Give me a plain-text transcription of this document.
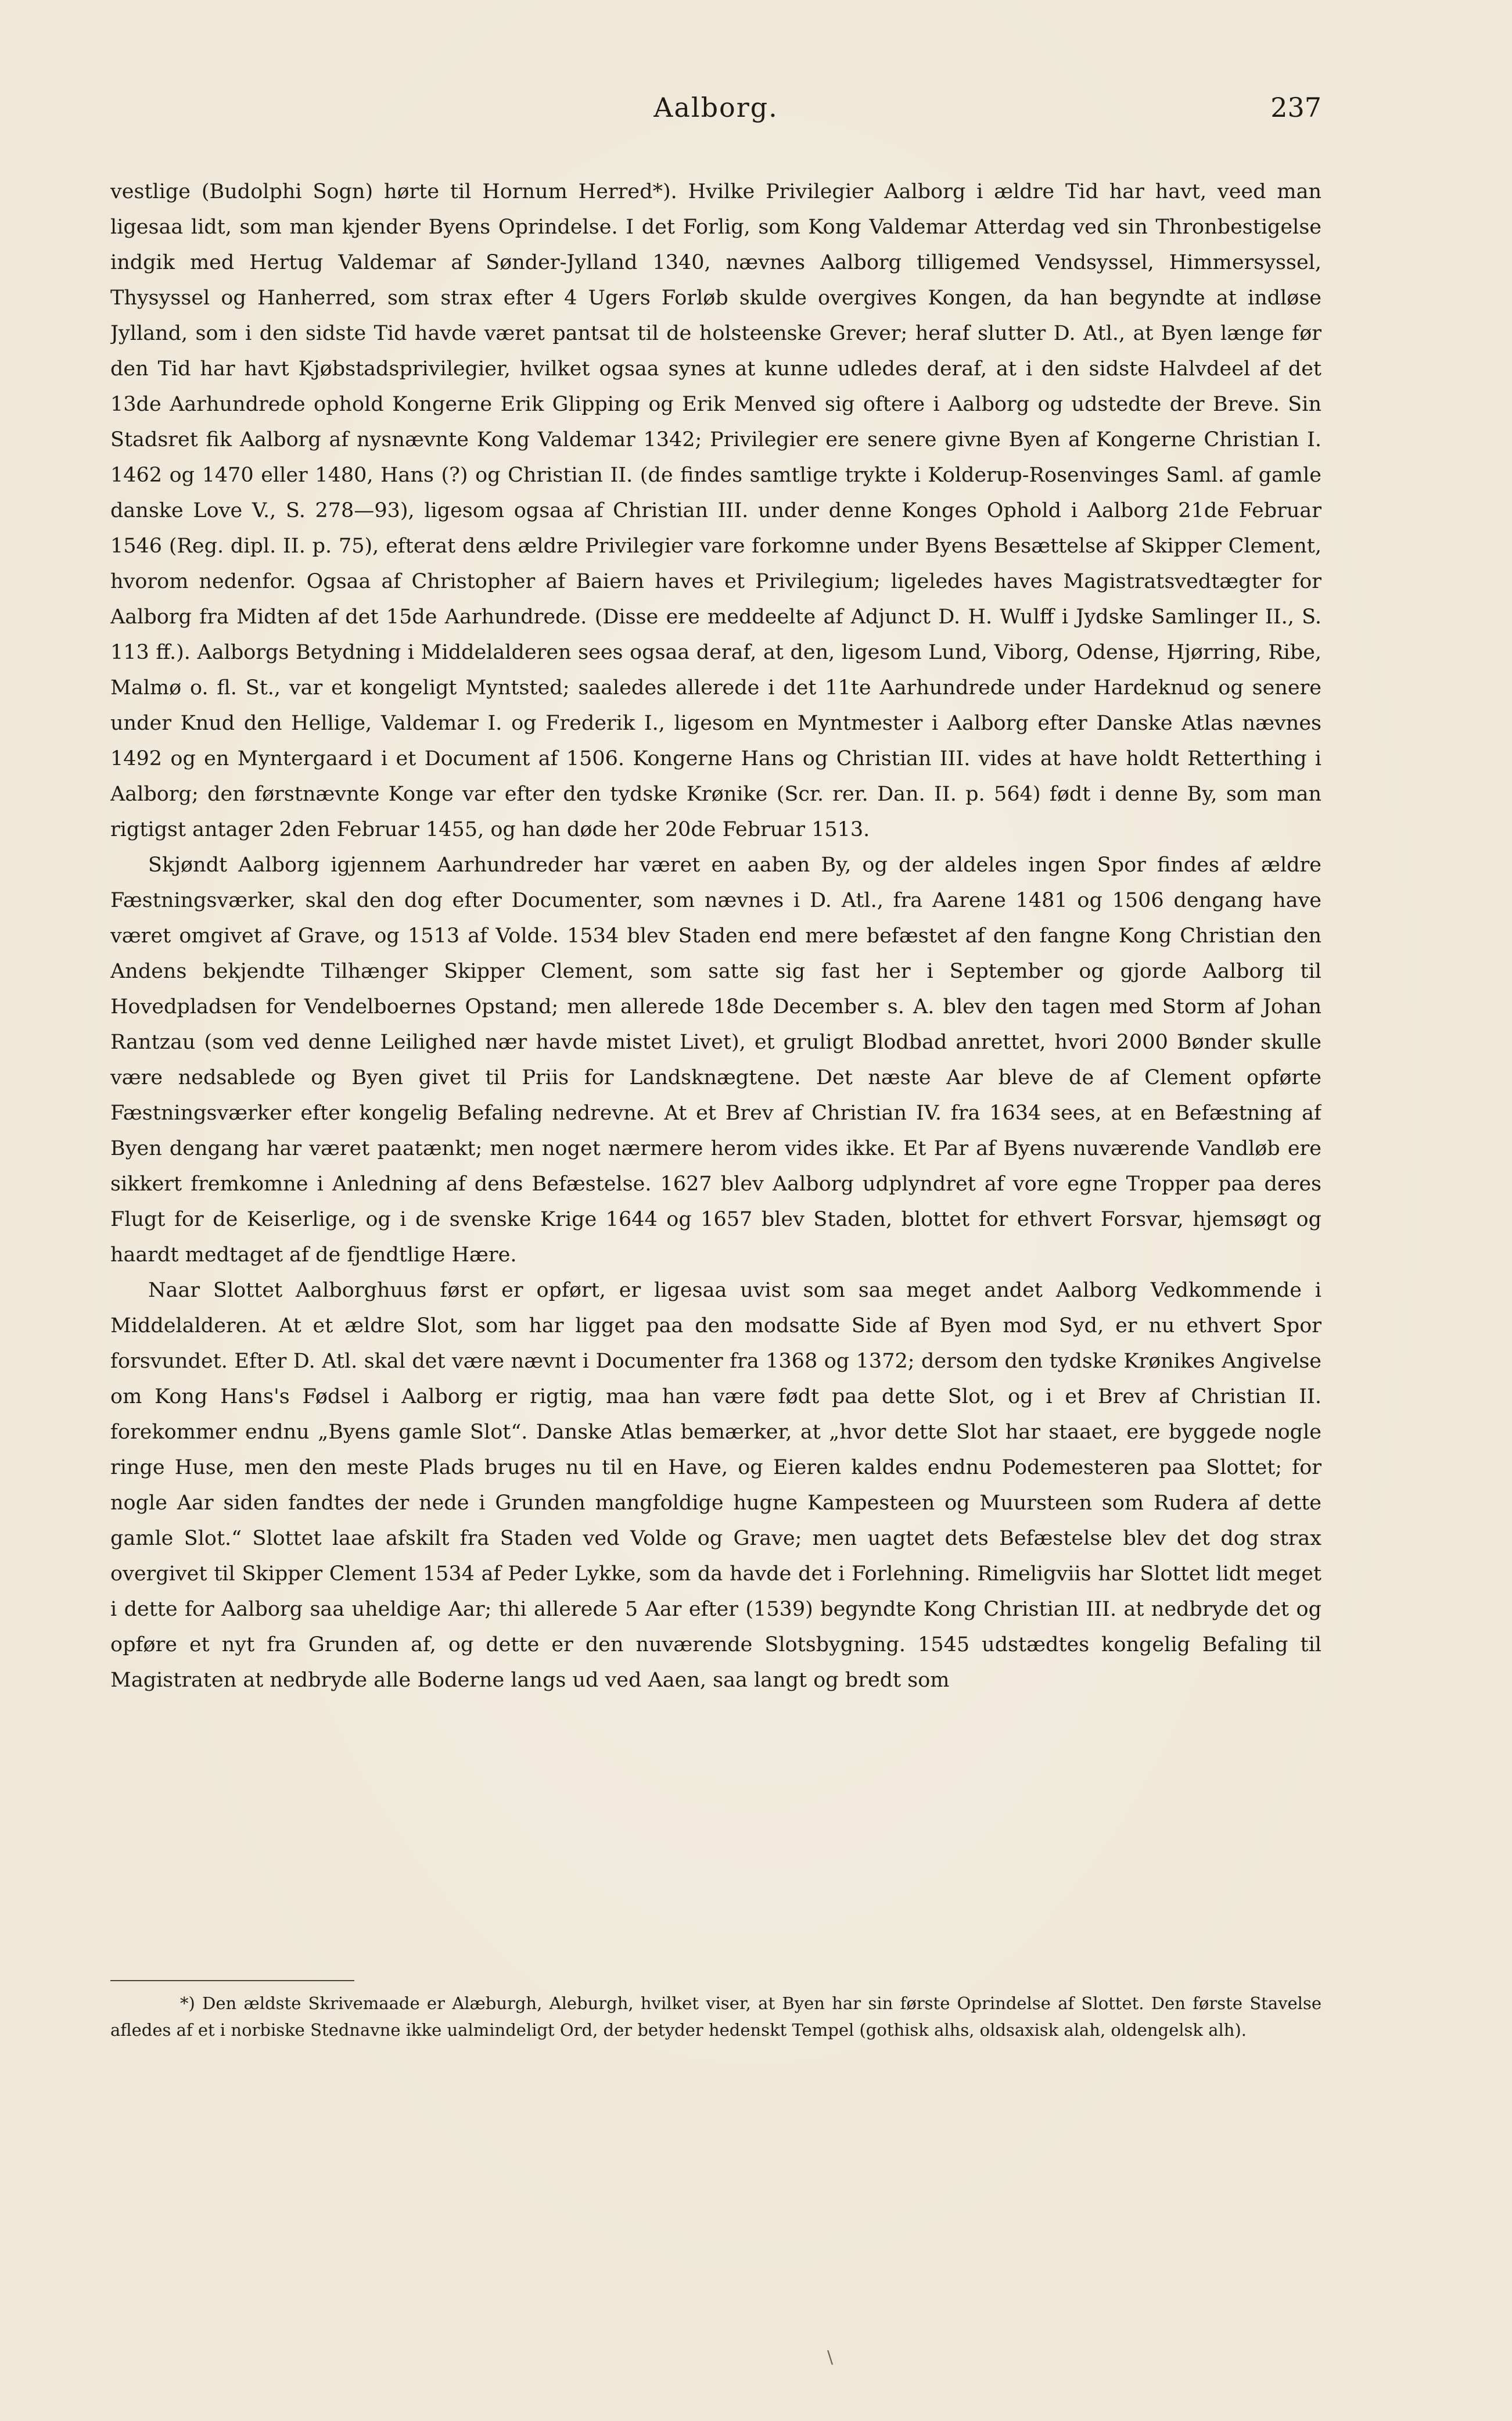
Aalborg.	237

vestlige (Budolphi Sogn) hørte til Hornum Herred*). Hvilke Privilegier Aalborg i ældre Tid har havt, veed man ligesaa lidt, som man kjender Byens Oprindelse. I det Forlig, som Kong Valdemar Atterdag ved sin Thronbestigelse indgik med Hertug Valdemar af Sønder-Jylland 1340, nævnes Aalborg tilligemed Vendsyssel, Himmersyssel, Thysyssel og Hanherred, som strax efter 4 Ugers Forløb skulde overgives Kongen, da han begyndte at indløse Jylland, som i den sidste Tid havde været pantsat til de holsteenske Grever; heraf slutter D. Atl., at Byen længe før den Tid har havt Kjøbstadsprivilegier, hvilket ogsaa synes at kunne udledes deraf, at i den sidste Halvdeel af det 13de Aarhundrede ophold Kongerne Erik Glipping og Erik Menved sig oftere i Aalborg og udstedte der Breve. Sin Stadsret fik Aalborg af nysnævnte Kong Valdemar 1342; Privilegier ere senere givne Byen af Kongerne Christian I. 1462 og 1470 eller 1480, Hans (?) og Christian II. (de findes samtlige trykte i Kolderup-Rosenvinges Saml. af gamle danske Love V., S. 278—93), ligesom ogsaa af Christian III. under denne Konges Ophold i Aalborg 21de Februar 1546 (Reg. dipl. II. p. 75), efterat dens ældre Privilegier vare forkomne under Byens Besættelse af Skipper Clement, hvorom nedenfor. Ogsaa af Christopher af Baiern haves et Privilegium; ligeledes haves Magistratsvedtægter for Aalborg fra Midten af det 15de Aarhundrede. (Disse ere meddeelte af Adjunct D. H. Wulff i Jydske Samlinger II., S. 113 ff.). Aalborgs Betydning i Middelalderen sees ogsaa deraf, at den, ligesom Lund, Viborg, Odense, Hjørring, Ribe, Malmø o. fl. St., var et kongeligt Myntsted; saaledes allerede i det 11te Aarhundrede under Hardeknud og senere under Knud den Hellige, Valdemar I. og Frederik I., ligesom en Myntmester i Aalborg efter Danske Atlas nævnes 1492 og en Myntergaard i et Document af 1506. Kongerne Hans og Christian III. vides at have holdt Retterthing i Aalborg; den førstnævnte Konge var efter den tydske Krønike (Scr. rer. Dan. II. p. 564) født i denne By, som man rigtigst antager 2den Februar 1455, og han døde her 20de Februar 1513.

Skjøndt Aalborg igjennem Aarhundreder har været en aaben By, og der aldeles ingen Spor findes af ældre Fæstningsværker, skal den dog efter Documenter, som nævnes i D. Atl., fra Aarene 1481 og 1506 dengang have været omgivet af Grave, og 1513 af Volde. 1534 blev Staden end mere befæstet af den fangne Kong Christian den Andens bekjendte Tilhænger Skipper Clement, som satte sig fast her i September og gjorde Aalborg til Hovedpladsen for Vendelboernes Opstand; men allerede 18de December s. A. blev den tagen med Storm af Johan Rantzau (som ved denne Leilighed nær havde mistet Livet), et gruligt Blodbad anrettet, hvori 2000 Bønder skulle være nedsablede og Byen givet til Priis for Landsknægtene. Det næste Aar bleve de af Clement opførte Fæstningsværker efter kongelig Befaling nedrevne. At et Brev af Christian IV. fra 1634 sees, at en Befæstning af Byen dengang har været paatænkt; men noget nærmere herom vides ikke. Et Par af Byens nuværende Vandløb ere sikkert fremkomne i Anledning af dens Befæstelse. 1627 blev Aalborg udplyndret af vore egne Tropper paa deres Flugt for de Keiserlige, og i de svenske Krige 1644 og 1657 blev Staden, blottet for ethvert Forsvar, hjemsøgt og haardt medtaget af de fjendtlige Hære.

Naar Slottet Aalborghuus først er opført, er ligesaa uvist som saa meget andet Aalborg Vedkommende i Middelalderen. At et ældre Slot, som har ligget paa den modsatte Side af Byen mod Syd, er nu ethvert Spor forsvundet. Efter D. Atl. skal det være nævnt i Documenter fra 1368 og 1372; dersom den tydske Krønikes Angivelse om Kong Hans's Fødsel i Aalborg er rigtig, maa han være født paa dette Slot, og i et Brev af Christian II. forekommer endnu „Byens gamle Slot“. Danske Atlas bemærker, at „hvor dette Slot har staaet, ere byggede nogle ringe Huse, men den meste Plads bruges nu til en Have, og Eieren kaldes endnu Podemesteren paa Slottet; for nogle Aar siden fandtes der nede i Grunden mangfoldige hugne Kampesteen og Muursteen som Rudera af dette gamle Slot.“ Slottet laae afskilt fra Staden ved Volde og Grave; men uagtet dets Befæstelse blev det dog strax overgivet til Skipper Clement 1534 af Peder Lykke, som da havde det i Forlehning. Rimeligviis har Slottet lidt meget i dette for Aalborg saa uheldige Aar; thi allerede 5 Aar efter (1539) begyndte Kong Christian III. at nedbryde det og opføre et nyt fra Grunden af, og dette er den nuværende Slotsbygning. 1545 udstædtes kongelig Befaling til Magistraten at nedbryde alle Boderne langs ud ved Aaen, saa langt og bredt som

*) Den ældste Skrivemaade er Alæburgh, Aleburgh, hvilket viser, at Byen har sin første Oprindelse af Slottet. Den første Stavelse afledes af et i norbiske Stednavne ikke ualmindeligt Ord, der betyder hedenskt Tempel (gothisk alhs, oldsaxisk alah, oldengelsk alh).

\
